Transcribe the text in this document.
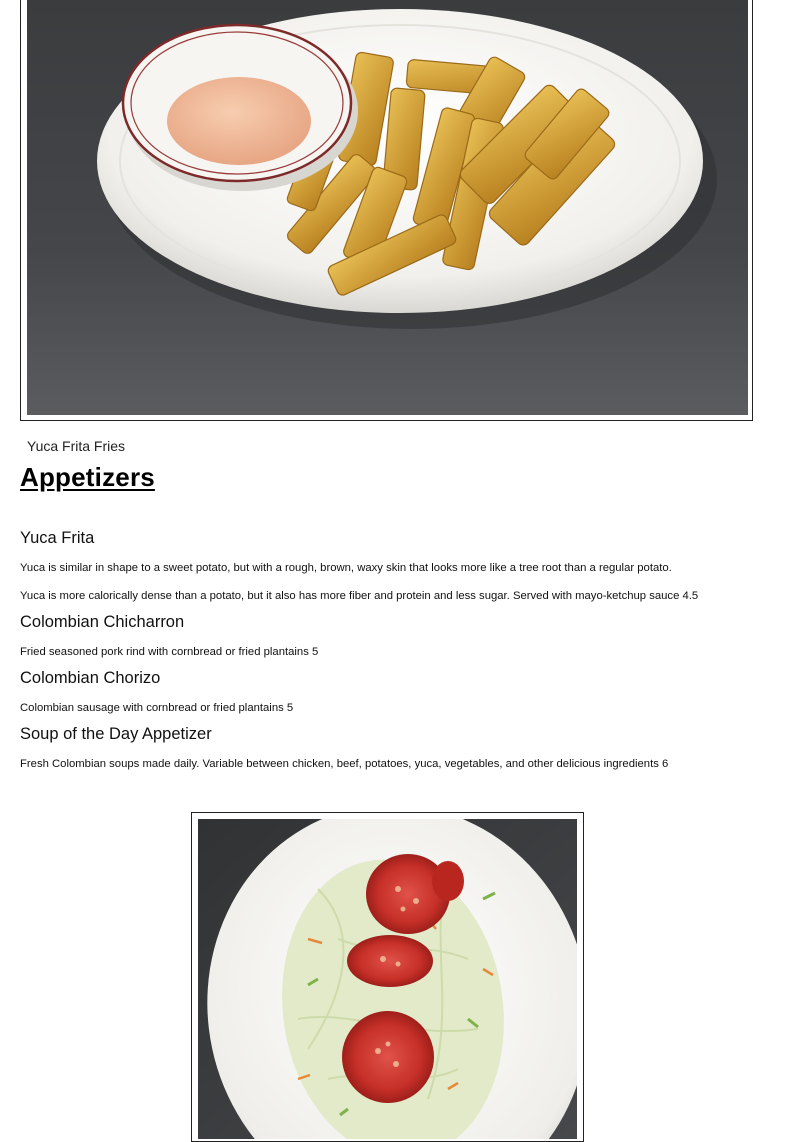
Yuca Frita Fries
Appetizers
Yuca Frita

Yuca is similar in shape to a sweet potato, but with a rough, brown, waxy skin that looks more like a tree root than a regular potato.

Yuca is more calorically dense than a potato, but it also has more fiber and protein and less sugar. Served with mayo-ketchup sauce 4.5

Colombian Chicharron

Fried seasoned pork rind with cornbread or fried plantains 5

Colombian Chorizo

Colombian sausage with cornbread or fried plantains 5

Soup of the Day Appetizer

Fresh Colombian soups made daily. Variable between chicken, beef, potatoes, yuca, vegetables, and other delicious ingredients 6
